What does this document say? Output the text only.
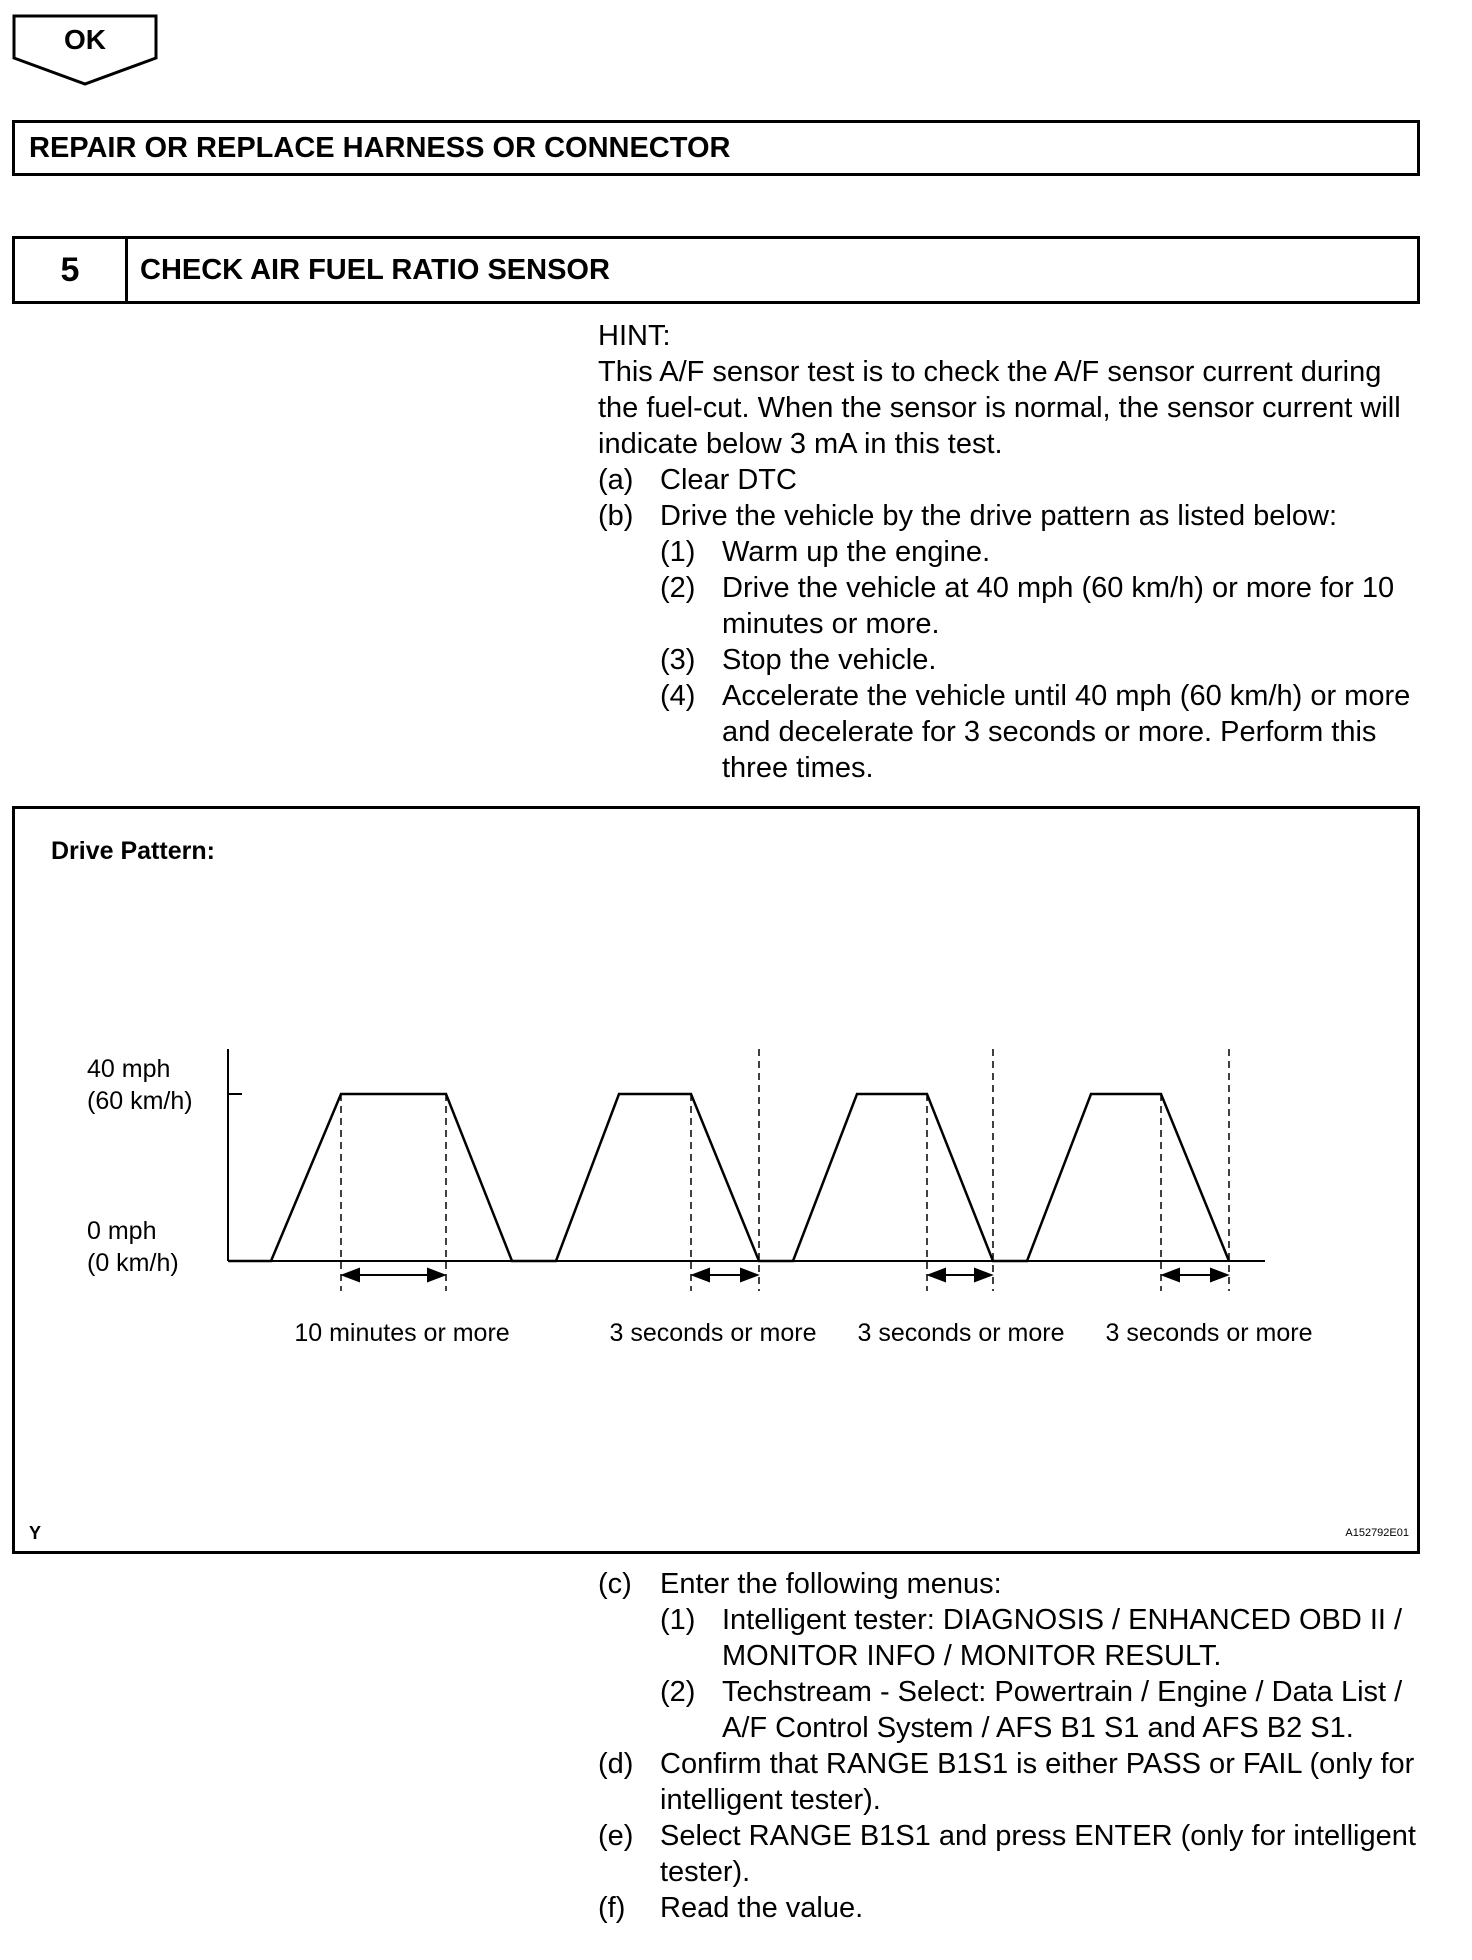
OK
REPAIR OR REPLACE HARNESS OR CONNECTOR
5	CHECK AIR FUEL RATIO SENSOR
HINT:
This A/F sensor test is to check the A/F sensor current during the fuel-cut. When the sensor is normal, the sensor current will indicate below 3 mA in this test.
(a) Clear DTC
(b) Drive the vehicle by the drive pattern as listed below:
(1) Warm up the engine.
(2) Drive the vehicle at 40 mph (60 km/h) or more for 10 minutes or more.
(3) Stop the vehicle.
(4) Accelerate the vehicle until 40 mph (60 km/h) or more and decelerate for 3 seconds or more. Perform this three times.
Drive Pattern:
40 mph
(60 km/h)
0 mph
(0 km/h)
10 minutes or more	3 seconds or more 3 seconds or more 3 seconds or more
Y	A152792E01
(c) Enter the following menus:
(1) Intelligent tester: DIAGNOSIS / ENHANCED OBD II / MONITOR INFO / MONITOR RESULT.
(2) Techstream - Select: Powertrain / Engine / Data List / A/F Control System / AFS B1 S1 and AFS B2 S1.
(d) Confirm that RANGE B1S1 is either PASS or FAIL (only for intelligent tester).
(e) Select RANGE B1S1 and press ENTER (only for intelligent tester).
(f)	Read the value.
